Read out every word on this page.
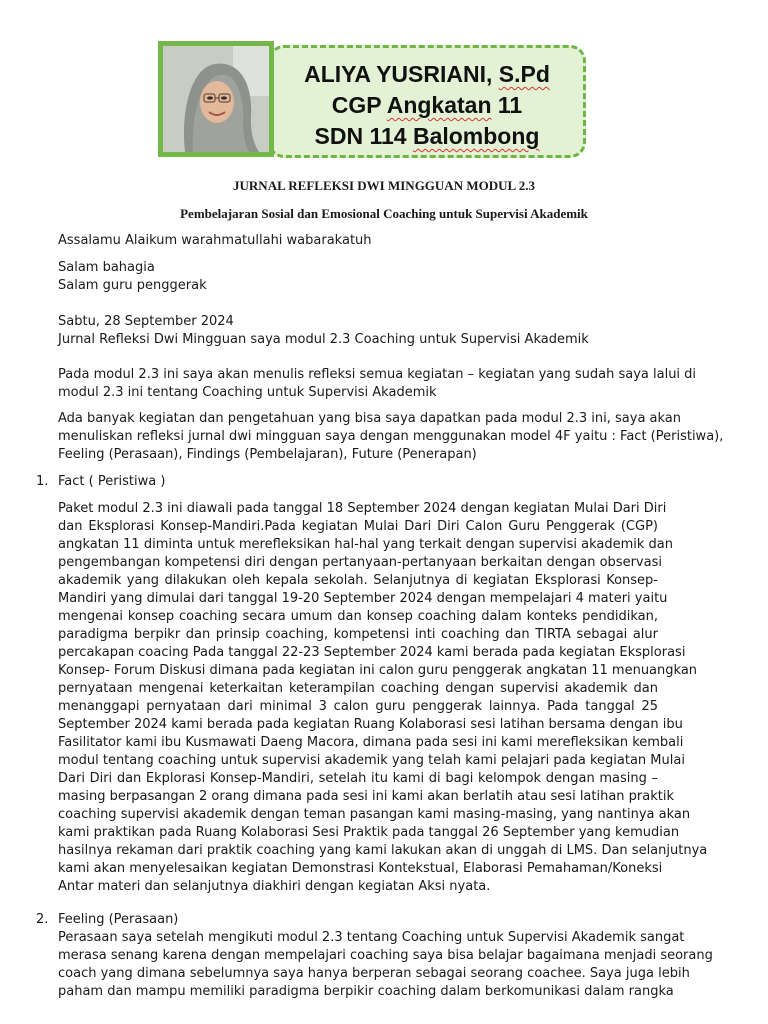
ALIYA YUSRIANI, S.Pd
CGP Angkatan 11
SDN 114 Balombong
JURNAL REFLEKSI DWI MINGGUAN MODUL 2.3
Pembelajaran Sosial dan Emosional Coaching untuk Supervisi Akademik
Assalamu Alaikum warahmatullahi wabarakatuh
Salam bahagia
Salam guru penggerak
Sabtu, 28 September 2024
Jurnal Refleksi Dwi Mingguan saya modul 2.3 Coaching untuk Supervisi Akademik
Pada modul 2.3 ini saya akan menulis refleksi semua kegiatan – kegiatan yang sudah saya lalui di
modul 2.3 ini tentang Coaching untuk Supervisi Akademik
Ada banyak kegiatan dan pengetahuan yang bisa saya dapatkan pada modul 2.3 ini, saya akan
menuliskan refleksi jurnal dwi mingguan saya dengan menggunakan model 4F yaitu : Fact (Peristiwa),
Feeling (Perasaan), Findings (Pembelajaran), Future (Penerapan)
1. Fact ( Peristiwa )
Paket modul 2.3 ini diawali pada tanggal 18 September 2024 dengan kegiatan Mulai Dari Diri
dan Eksplorasi Konsep-Mandiri.Pada kegiatan Mulai Dari Diri Calon Guru Penggerak (CGP)
angkatan 11 diminta untuk merefleksikan hal-hal yang terkait dengan supervisi akademik dan
pengembangan kompetensi diri dengan pertanyaan-pertanyaan berkaitan dengan observasi
akademik yang dilakukan oleh kepala sekolah. Selanjutnya di kegiatan Eksplorasi Konsep-
Mandiri yang dimulai dari tanggal 19-20 September 2024 dengan mempelajari 4 materi yaitu
mengenai konsep coaching secara umum dan konsep coaching dalam konteks pendidikan,
paradigma berpikr dan prinsip coaching, kompetensi inti coaching dan TIRTA sebagai alur
percakapan coacing Pada tanggal 22-23 September 2024 kami berada pada kegiatan Eksplorasi
Konsep- Forum Diskusi dimana pada kegiatan ini calon guru penggerak angkatan 11 menuangkan
pernyataan mengenai keterkaitan keterampilan coaching dengan supervisi akademik dan
menanggapi pernyataan dari minimal 3 calon guru penggerak lainnya. Pada tanggal 25
September 2024 kami berada pada kegiatan Ruang Kolaborasi sesi latihan bersama dengan ibu
Fasilitator kami ibu Kusmawati Daeng Macora, dimana pada sesi ini kami merefleksikan kembali
modul tentang coaching untuk supervisi akademik yang telah kami pelajari pada kegiatan Mulai
Dari Diri dan Ekplorasi Konsep-Mandiri, setelah itu kami di bagi kelompok dengan masing –
masing berpasangan 2 orang dimana pada sesi ini kami akan berlatih atau sesi latihan praktik
coaching supervisi akademik dengan teman pasangan kami masing-masing, yang nantinya akan
kami praktikan pada Ruang Kolaborasi Sesi Praktik pada tanggal 26 September yang kemudian
hasilnya rekaman dari praktik coaching yang kami lakukan akan di unggah di LMS. Dan selanjutnya
kami akan menyelesaikan kegiatan Demonstrasi Kontekstual, Elaborasi Pemahaman/Koneksi
Antar materi dan selanjutnya diakhiri dengan kegiatan Aksi nyata.
2. Feeling (Perasaan)
Perasaan saya setelah mengikuti modul 2.3 tentang Coaching untuk Supervisi Akademik sangat
merasa senang karena dengan mempelajari coaching saya bisa belajar bagaimana menjadi seorang
coach yang dimana sebelumnya saya hanya berperan sebagai seorang coachee. Saya juga lebih
paham dan mampu memiliki paradigma berpikir coaching dalam berkomunikasi dalam rangka
